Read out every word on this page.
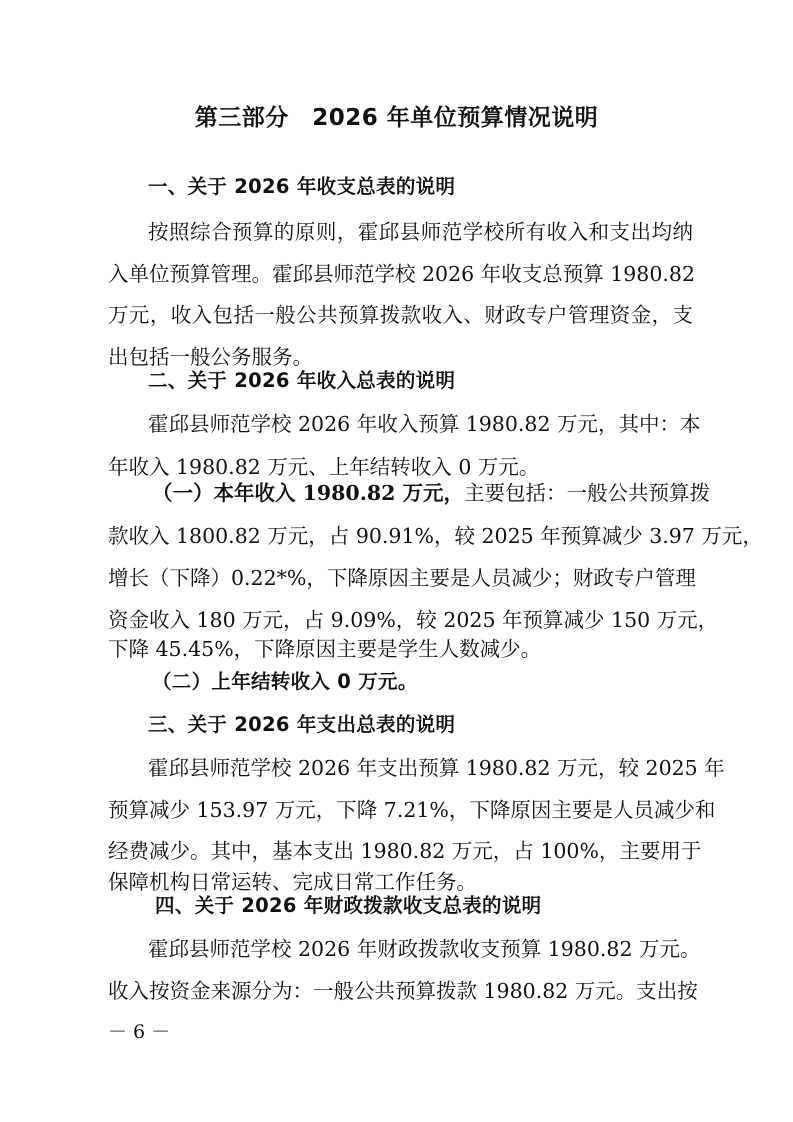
第三部分　2026 年单位预算情况说明
一、关于 2026 年收支总表的说明
按照综合预算的原则，霍邱县师范学校所有收入和支出均纳
入单位预算管理。霍邱县师范学校 2026 年收支总预算 1980.82
万元，收入包括一般公共预算拨款收入、财政专户管理资金，支
出包括一般公务服务。
二、关于 2026 年收入总表的说明
霍邱县师范学校 2026 年收入预算 1980.82 万元，其中：本
年收入 1980.82 万元、上年结转收入 0 万元。
（一）本年收入 1980.82 万元，主要包括：一般公共预算拨
款收入 1800.82 万元，占 90.91%，较 2025 年预算减少 3.97 万元，
增长（下降）0.22*%，下降原因主要是人员减少；财政专户管理
资金收入 180 万元，占 9.09%，较 2025 年预算减少 150 万元，
下降 45.45%，下降原因主要是学生人数减少。
（二）上年结转收入 0 万元。
三、关于 2026 年支出总表的说明
霍邱县师范学校 2026 年支出预算 1980.82 万元，较 2025 年
预算减少 153.97 万元，下降 7.21%，下降原因主要是人员减少和
经费减少。其中，基本支出 1980.82 万元，占 100%，主要用于
保障机构日常运转、完成日常工作任务。
四、关于 2026 年财政拨款收支总表的说明
霍邱县师范学校 2026 年财政拨款收支预算 1980.82 万元。
收入按资金来源分为：一般公共预算拨款 1980.82 万元。支出按
－ 6 －
